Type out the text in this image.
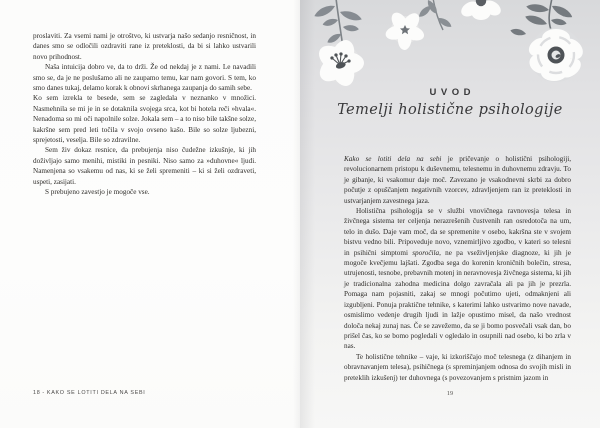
proslaviti. Za vsemi nami je otroštvo, ki ustvarja našo sedanjo resničnost, in danes smo se odločili ozdraviti rane iz preteklosti, da bi si lahko ustvarili novo prihodnost.

Naša intuicija dobro ve, da to drži. Že od nekdaj je z nami. Le navadili smo se, da je ne poslušamo ali ne zaupamo temu, kar nam govori. S tem, ko smo danes tukaj, delamo korak k obnovi skrhanega zaupanja do samih sebe.

Ko sem izrekla te besede, sem se zagledala v neznanko v množici. Nasmehnila se mi je in se dotaknila svojega srca, kot bi hotela reči »hvala«. Nenadoma so mi oči napolnile solze. Jokala sem – a to niso bile takšne solze, kakršne sem pred leti točila v svojo ovseno kašo. Bile so solze ljubezni, sprejetosti, veselja. Bile so zdravilne.

Sem živ dokaz resnice, da prebujenja niso čudežne izkušnje, ki jih doživljajo samo menihi, mistiki in pesniki. Niso samo za »duhovne« ljudi. Namenjena so vsakemu od nas, ki se želi spremeniti – ki si želi ozdraveti, uspeti, zasijati.

S prebujeno zavestjo je mogoče vse.

18 - KAKO SE LOTITI DELA NA SEBI
UVOD
Temelji holistične psihologije

Kako se lotiti dela na sebi je pričevanje o holistični psihologiji, revolucionarnem pristopu k duševnemu, telesnemu in duhovnemu zdravju. To je gibanje, ki vsakomur daje moč. Zavezano je vsakodnevni skrbi za dobro počutje z opuščanjem negativnih vzorcev, zdravljenjem ran iz preteklosti in ustvarjanjem zavestnega jaza.

Holistična psihologija se v službi vnovičnega ravnovesja telesa in živčnega sistema ter celjenja nerazrešenih čustvenih ran osredotoča na um, telo in dušo. Daje vam moč, da se spremenite v osebo, kakršna ste v svojem bistvu vedno bili. Pripoveduje novo, vznemirljivo zgodbo, v kateri so telesni in psihični simptomi sporočila, ne pa vseživljenjske diagnoze, ki jih je mogoče kvečjemu lajšati. Zgodba sega do korenin kroničnih bolečin, stresa, utrujenosti, tesnobe, prebavnih motenj in neravnovesja živčnega sistema, ki jih je tradicionalna zahodna medicina dolgo zavračala ali pa jih je prezrla. Pomaga nam pojasniti, zakaj se mnogi počutimo ujeti, odmaknjeni ali izgubljeni. Ponuja praktične tehnike, s katerimi lahko ustvarimo nove navade, osmislimo vedenje drugih ljudi in lažje opustimo misel, da našo vrednost določa nekaj zunaj nas. Če se zavežemo, da se ji bomo posvečali vsak dan, bo prišel čas, ko se bomo pogledali v ogledalo in osupnili nad osebo, ki bo zrla v nas.

Te holistične tehnike – vaje, ki izkoriščajo moč telesnega (z dihanjem in obravnavanjem telesa), psihičnega (s spreminjanjem odnosa do svojih misli in preteklih izkušenj) ter duhovnega (s povezovanjem s pristnim jazom in

19
